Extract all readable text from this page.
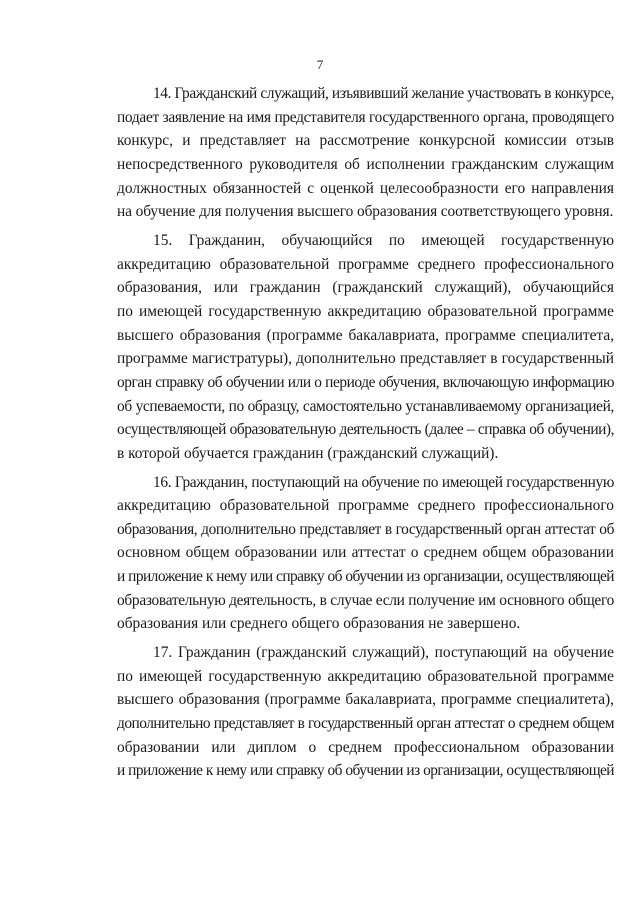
7
14. Гражданский служащий, изъявивший желание участвовать в конкурсе,
подает заявление на имя представителя государственного органа, проводящего
конкурс, и представляет на рассмотрение конкурсной комиссии отзыв
непосредственного руководителя об исполнении гражданским служащим
должностных обязанностей с оценкой целесообразности его направления
на обучение для получения высшего образования соответствующего уровня.
15. Гражданин, обучающийся по имеющей государственную
аккредитацию образовательной программе среднего профессионального
образования, или гражданин (гражданский служащий), обучающийся
по имеющей государственную аккредитацию образовательной программе
высшего образования (программе бакалавриата, программе специалитета,
программе магистратуры), дополнительно представляет в государственный
орган справку об обучении или о периоде обучения, включающую информацию
об успеваемости, по образцу, самостоятельно устанавливаемому организацией,
осуществляющей образовательную деятельность (далее – справка об обучении),
в которой обучается гражданин (гражданский служащий).
16. Гражданин, поступающий на обучение по имеющей государственную
аккредитацию образовательной программе среднего профессионального
образования, дополнительно представляет в государственный орган аттестат об
основном общем образовании или аттестат о среднем общем образовании
и приложение к нему или справку об обучении из организации, осуществляющей
образовательную деятельность, в случае если получение им основного общего
образования или среднего общего образования не завершено.
17. Гражданин (гражданский служащий), поступающий на обучение
по имеющей государственную аккредитацию образовательной программе
высшего образования (программе бакалавриата, программе специалитета),
дополнительно представляет в государственный орган аттестат о среднем общем
образовании или диплом о среднем профессиональном образовании
и приложение к нему или справку об обучении из организации, осуществляющей
